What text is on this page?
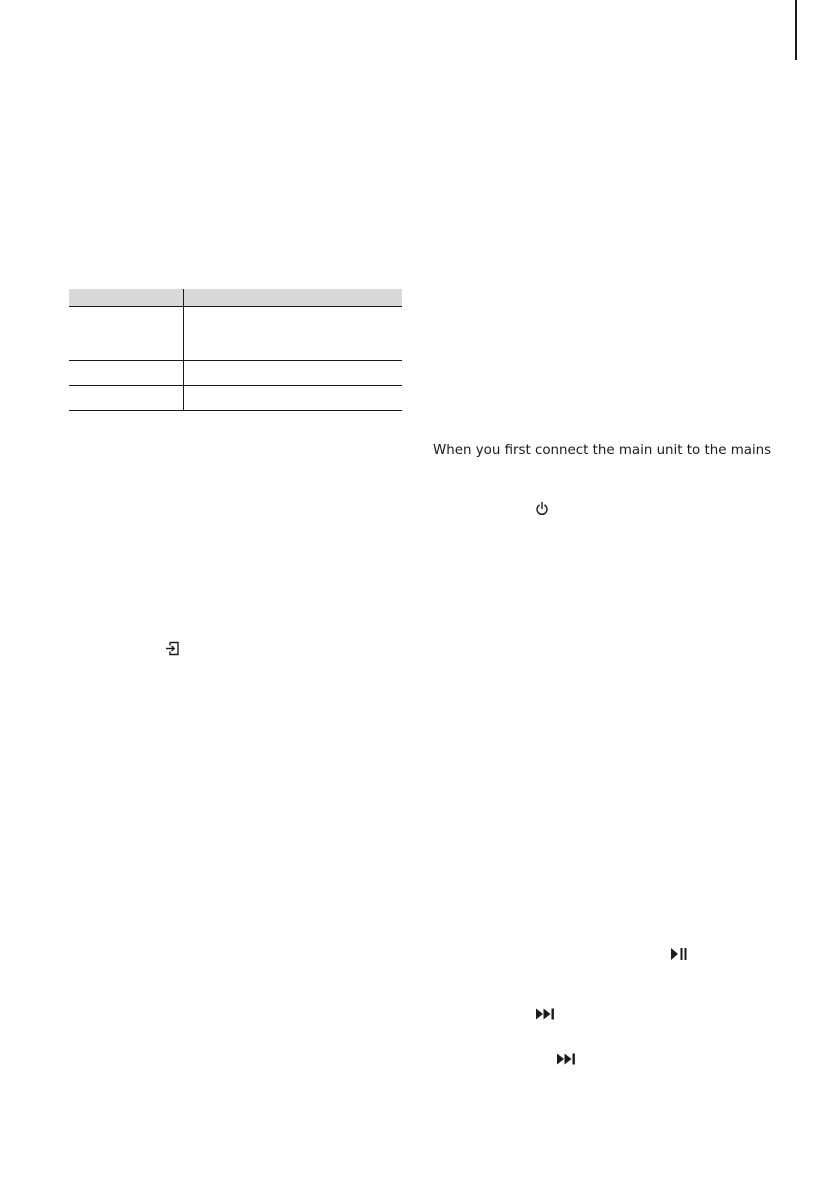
When you first connect the main unit to the mains
